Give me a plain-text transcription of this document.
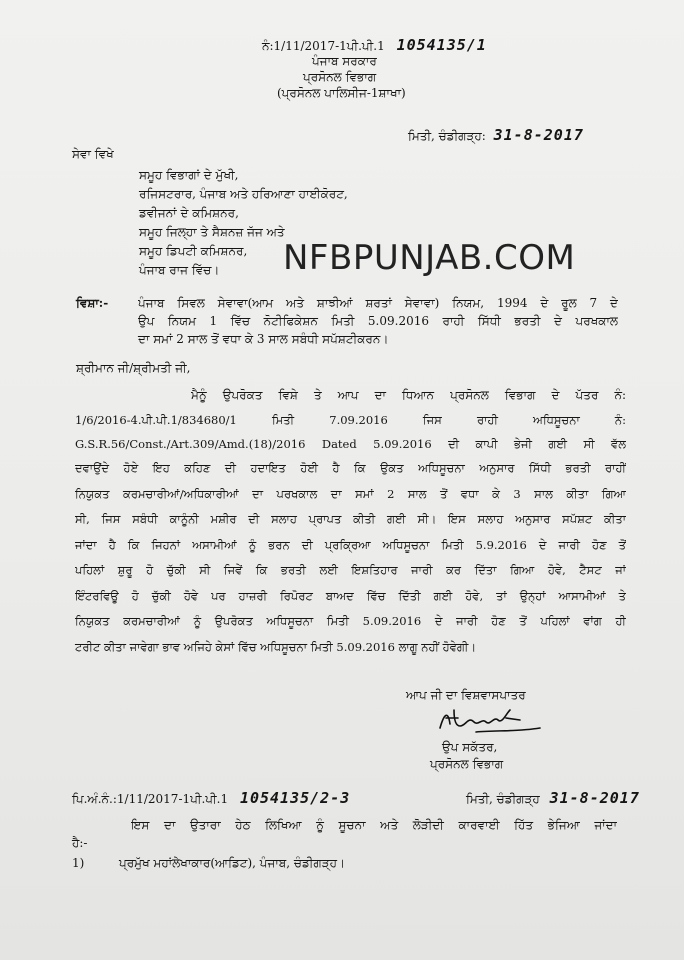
ਨੰ:1/11/2017-1ਪੀ.ਪੀ.1 1054135/1
ਪੰਜਾਬ ਸਰਕਾਰ
ਪ੍ਰਸੋਨਲ ਵਿਭਾਗ
(ਪ੍ਰਸੋਨਲ ਪਾਲਿਸੀਜ-1ਸ਼ਾਖਾ)
ਮਿਤੀ, ਚੰਡੀਗੜ੍ਹ: 31-8-2017
ਸੇਵਾ ਵਿਖੇ
ਸਮੂਹ ਵਿਭਾਗਾਂ ਦੇ ਮੁੱਖੀ,
ਰਜਿਸਟਰਾਰ, ਪੰਜਾਬ ਅਤੇ ਹਰਿਆਣਾ ਹਾਈਕੋਰਟ,
ਡਵੀਜਨਾਂ ਦੇ ਕਮਿਸ਼ਨਰ,
ਸਮੂਹ ਜਿਲ੍ਹਾ ਤੇ ਸੈਸ਼ਨਜ਼ ਜੱਜ ਅਤੇ
ਸਮੂਹ ਡਿਪਟੀ ਕਮਿਸ਼ਨਰ,
ਪੰਜਾਬ ਰਾਜ ਵਿੱਚ। NFBPUNJAB.COM
ਵਿਸ਼ਾ:- ਪੰਜਾਬ ਸਿਵਲ ਸੇਵਾਵਾ(ਆਮ ਅਤੇ ਸ਼ਾਝੀਆਂ ਸ਼ਰਤਾਂ ਸੇਵਾਵਾ) ਨਿਯਮ, 1994 ਦੇ ਰੂਲ 7 ਦੇ
ਉਪ ਨਿਯਮ 1 ਵਿੱਚ ਨੋਟੀਫਿਕੇਸ਼ਨ ਮਿਤੀ 5.09.2016 ਰਾਹੀ ਸਿੱਧੀ ਭਰਤੀ ਦੇ ਪਰਖਕਾਲ
ਦਾ ਸਮਾਂ 2 ਸਾਲ ਤੋਂ ਵਧਾ ਕੇ 3 ਸਾਲ ਸਬੰਧੀ ਸਪੱਸ਼ਟੀਕਰਨ।
ਸ਼੍ਰੀਮਾਨ ਜੀ/ਸ਼੍ਰੀਮਤੀ ਜੀ,
ਮੈਨੂੰ ਉਪਰੋਕਤ ਵਿਸ਼ੇ ਤੇ ਆਪ ਦਾ ਧਿਆਨ ਪ੍ਰਸੋਨਲ ਵਿਭਾਗ ਦੇ ਪੱਤਰ ਨੰ:
1/6/2016-4.ਪੀ.ਪੀ.1/834680/1 ਮਿਤੀ 7.09.2016 ਜਿਸ ਰਾਹੀ ਅਧਿਸੂਚਨਾ ਨੰ:
G.S.R.56/Const./Art.309/Amd.(18)/2016 Dated 5.09.2016 ਦੀ ਕਾਪੀ ਭੇਜੀ ਗਈ ਸੀ ਵੱਲ
ਦਵਾਉਂਦੇ ਹੋਏ ਇਹ ਕਹਿਣ ਦੀ ਹਦਾਇਤ ਹੋਈ ਹੈ ਕਿ ਉਕਤ ਅਧਿਸੂਚਨਾ ਅਨੁਸਾਰ ਸਿੱਧੀ ਭਰਤੀ ਰਾਹੀਂ
ਨਿਯੁਕਤ ਕਰਮਚਾਰੀਆਂ/ਅਧਿਕਾਰੀਆਂ ਦਾ ਪਰਖਕਾਲ ਦਾ ਸਮਾਂ 2 ਸਾਲ ਤੋਂ ਵਧਾ ਕੇ 3 ਸਾਲ ਕੀਤਾ ਗਿਆ
ਸੀ, ਜਿਸ ਸਬੰਧੀ ਕਾਨੂੰਨੀ ਮਸ਼ੀਰ ਦੀ ਸਲਾਹ ਪ੍ਰਾਪਤ ਕੀਤੀ ਗਈ ਸੀ। ਇਸ ਸਲਾਹ ਅਨੁਸਾਰ ਸਪੱਸ਼ਟ ਕੀਤਾ
ਜਾਂਦਾ ਹੈ ਕਿ ਜਿਹਨਾਂ ਅਸਾਮੀਆਂ ਨੂੰ ਭਰਨ ਦੀ ਪ੍ਰਕ੍ਰਿਆ ਅਧਿਸੂਚਨਾ ਮਿਤੀ 5.9.2016 ਦੇ ਜਾਰੀ ਹੋਣ ਤੋਂ
ਪਹਿਲਾਂ ਸ਼ੁਰੂ ਹੋ ਚੁੱਕੀ ਸੀ ਜਿਵੇਂ ਕਿ ਭਰਤੀ ਲਈ ਇਸ਼ਤਿਹਾਰ ਜਾਰੀ ਕਰ ਦਿੱਤਾ ਗਿਆ ਹੋਵੇ, ਟੈਸਟ ਜਾਂ
ਇੰਟਰਵਿਊ ਹੋ ਚੁੱਕੀ ਹੋਵੇ ਪਰ ਹਾਜ਼ਰੀ ਰਿਪੋਰਟ ਬਾਅਦ ਵਿੱਚ ਦਿੱਤੀ ਗਈ ਹੋਵੇ, ਤਾਂ ਉਨ੍ਹਾਂ ਆਸਾਮੀਆਂ ਤੇ
ਨਿਯੁਕਤ ਕਰਮਚਾਰੀਆਂ ਨੂੰ ਉਪਰੋਕਤ ਅਧਿਸੂਚਨਾ ਮਿਤੀ 5.09.2016 ਦੇ ਜਾਰੀ ਹੋਣ ਤੋਂ ਪਹਿਲਾਂ ਵਾਂਗ ਹੀ
ਟਰੀਟ ਕੀਤਾ ਜਾਵੇਗਾ ਭਾਵ ਅਜਿਹੇ ਕੇਸਾਂ ਵਿੱਚ ਅਧਿਸੂਚਨਾ ਮਿਤੀ 5.09.2016 ਲਾਗੂ ਨਹੀਂ ਹੋਵੇਗੀ।
ਆਪ ਜੀ ਦਾ ਵਿਸ਼ਵਾਸਪਾਤਰ
ਉਪ ਸਕੱਤਰ,
ਪ੍ਰਸੋਨਲ ਵਿਭਾਗ
ਪਿ.ਅੰ.ਨੰ.:1/11/2017-1ਪੀ.ਪੀ.1 1054135/2-3	ਮਿਤੀ, ਚੰਡੀਗੜ੍ਹ 31-8-2017
ਇਸ ਦਾ ਉਤਾਰਾ ਹੇਠ ਲਿਖਿਆ ਨੂੰ ਸੂਚਨਾ ਅਤੇ ਲੋੜੀਦੀ ਕਾਰਵਾਈ ਹਿੱਤ ਭੇਜਿਆ ਜਾਂਦਾ
ਹੈ:-
1)	ਪ੍ਰਮੁੱਖ ਮਹਾਂਲੇਖਾਕਾਰ(ਆਡਿਟ), ਪੰਜਾਬ, ਚੰਡੀਗੜ੍ਹ।
